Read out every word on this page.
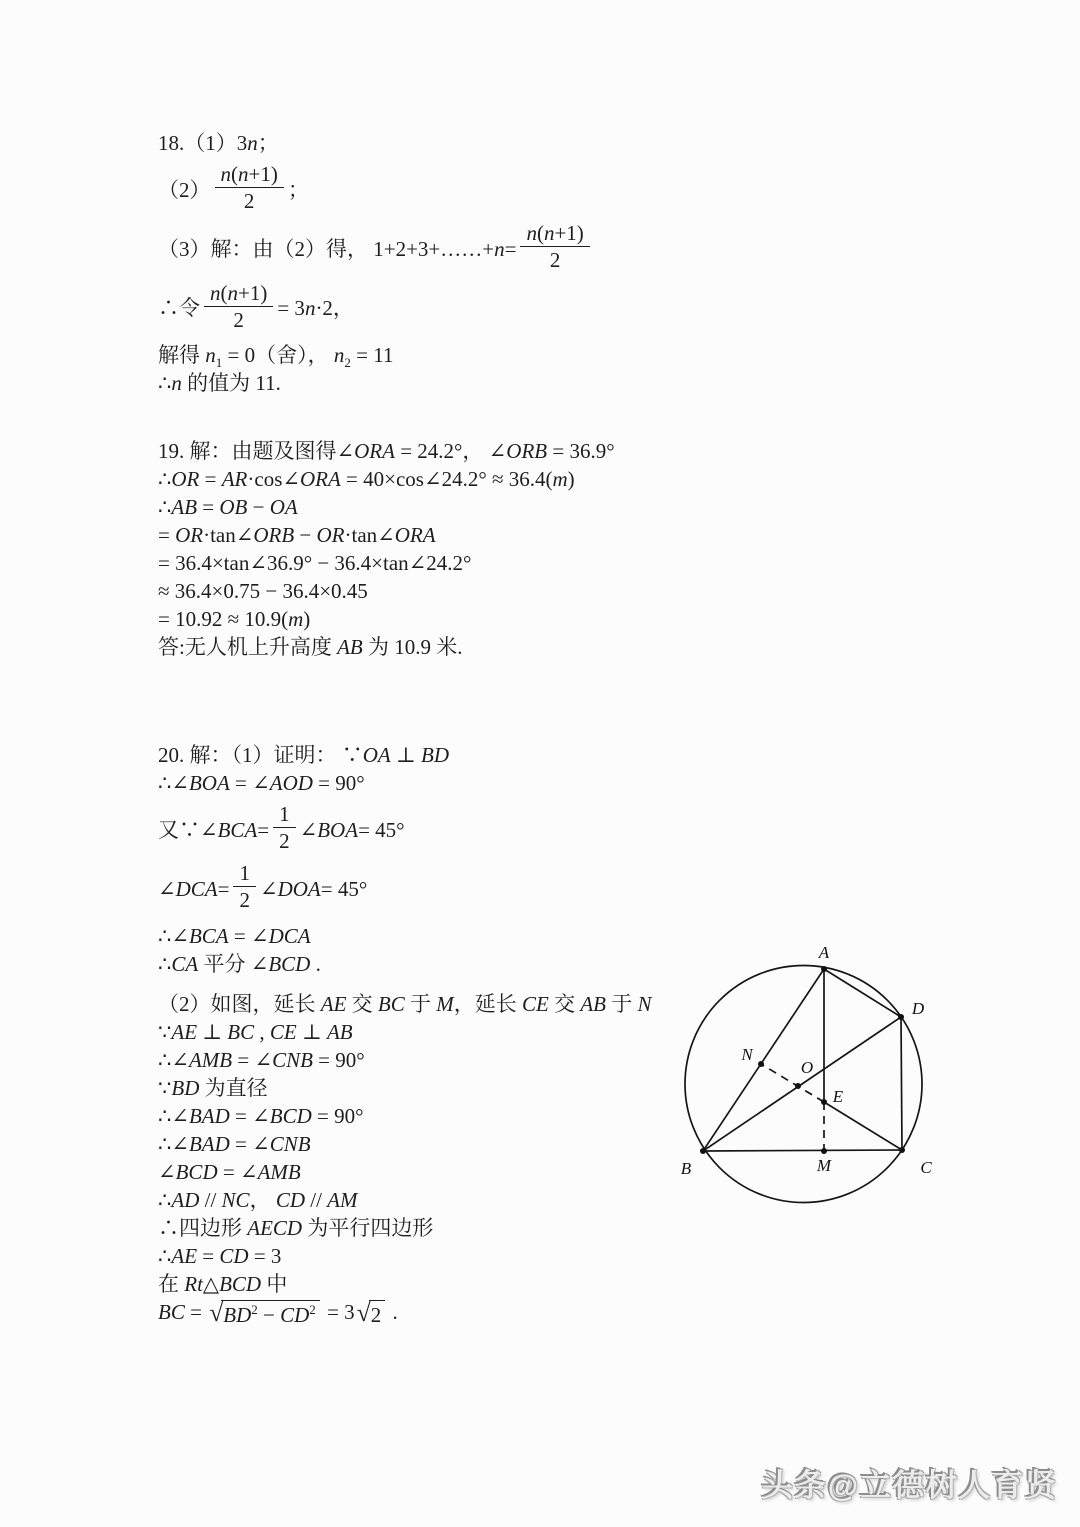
18.（1）3n；
$(2) \frac{n(n+1)}{2}$ ；
（3）解：由（2）得， 1+2+3+……+ $n = \frac{n(n+1)}{2}$
∴令 $\frac{n(n+1)}{2} = 3$ n ·2，
解得 $n_1 = 0$（舍）， $n_2 = 11$
∴n 的值为 11.
19. 解：由题及图得∠ORA = 24.2°， ∠ORB = 36.9°
∴OR = AR·cos∠ORA = 40×cos∠24.2° ≈ 36.4(m)
∴AB = OB − OA
= OR·tan∠ORB − OR·tan∠ORA
= 36.4×tan∠36.9° − 36.4×tan∠24.2°
≈ 36.4×0.75 − 36.4×0.45
= 10.92 ≈ 10.9(m)
答:无人机上升高度 AB 为 10.9 米.
20. 解：（1）证明： ∵OA ⊥ BD
∴∠BOA = ∠AOD = 90°
又∵∠ BCA = $\frac{1}{2}$ ∠ BOA = 45°
∠ DCA = $\frac{1}{2}$ ∠ DOA = 45°
∴∠BCA = ∠DCA
∴CA 平分 ∠BCD .
（2）如图，延长 AE 交 BC 于 M，延长 CE 交 AB 于 N
∵AE ⊥ BC , CE ⊥ AB
∴∠AMB = ∠CNB = 90°
∵BD 为直径
∴∠BAD = ∠BCD = 90°
∴∠BAD = ∠CNB
∠BCD = ∠AMB
∴AD // NC， CD // AM
∴四边形 AECD 为平行四边形
∴AE = CD = 3
在 Rt△BCD 中
BC = √ $BD^2 - CD^2 = 3$ √ 2 .
A
D
B	C
N
O
E
M
头条@立德树人育贤
